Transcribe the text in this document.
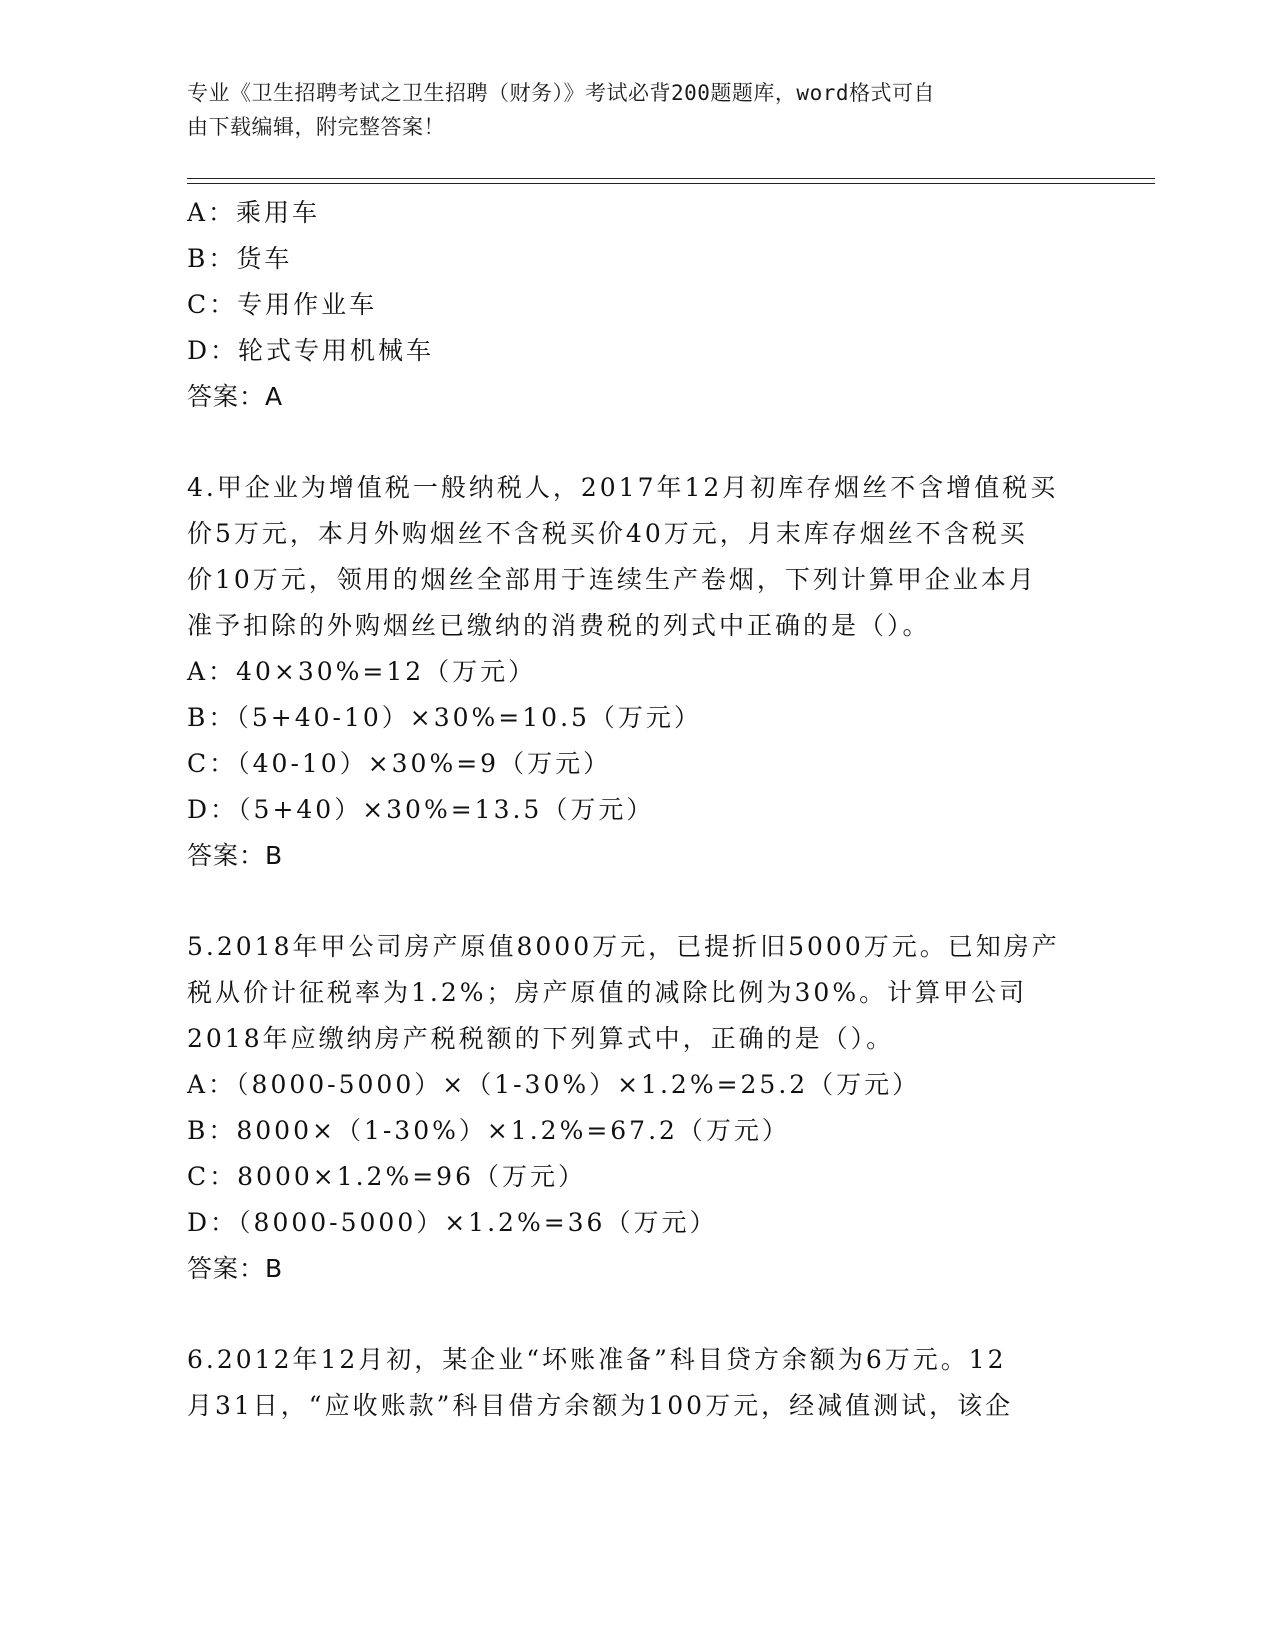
专业《卫生招聘考试之卫生招聘（财务）》考试必背200题题库，word格式可自
由下载编辑，附完整答案！
A：乘用车
B：货车
C：专用作业车
D：轮式专用机械车
答案：A
4.甲企业为增值税一般纳税人，2017年12月初库存烟丝不含增值税买
价5万元，本月外购烟丝不含税买价40万元，月末库存烟丝不含税买
价10万元，领用的烟丝全部用于连续生产卷烟，下列计算甲企业本月
准予扣除的外购烟丝已缴纳的消费税的列式中正确的是（）。
A：40×30%=12（万元）
B：（5+40-10）×30%=10.5（万元）
C：（40-10）×30%=9（万元）
D：（5+40）×30%=13.5（万元）
答案：B
5.2018年甲公司房产原值8000万元，已提折旧5000万元。已知房产
税从价计征税率为1.2%；房产原值的减除比例为30%。计算甲公司
2018年应缴纳房产税税额的下列算式中，正确的是（）。
A：（8000-5000）×（1-30%）×1.2%=25.2（万元）
B：8000×（1-30%）×1.2%=67.2（万元）
C：8000×1.2%=96（万元）
D：（8000-5000）×1.2%=36（万元）
答案：B
6.2012年12月初，某企业“坏账准备”科目贷方余额为6万元。12
月31日，“应收账款”科目借方余额为100万元，经减值测试，该企
